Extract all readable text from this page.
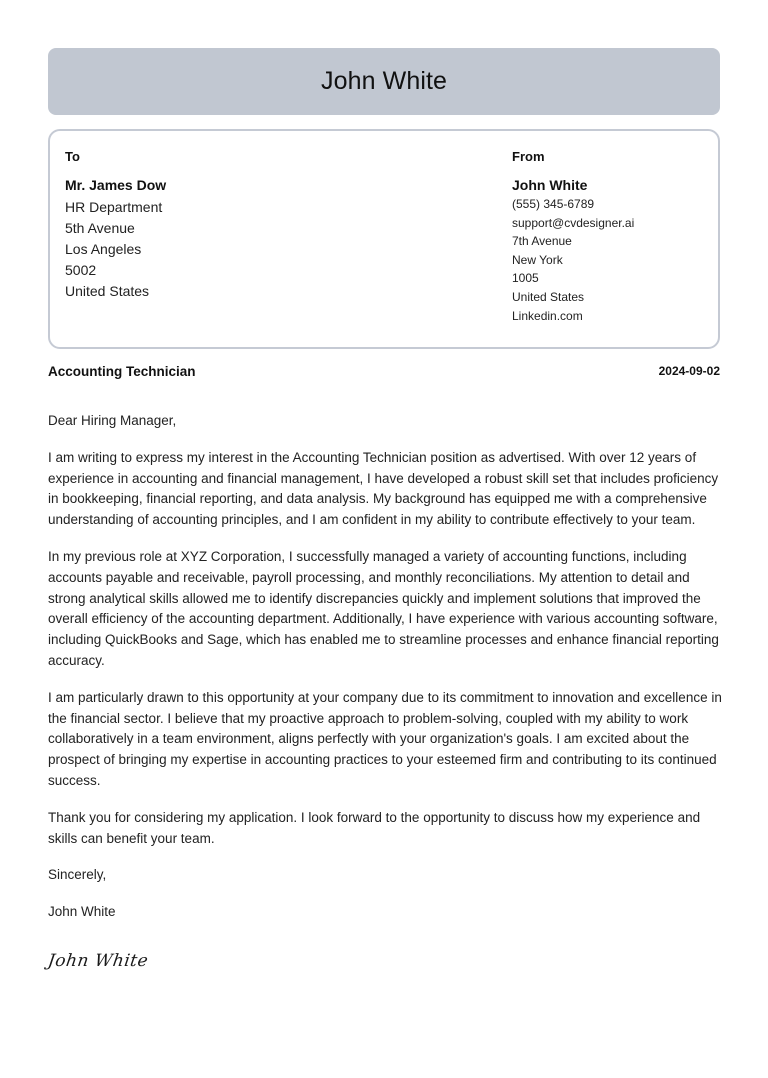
John White
To
Mr. James Dow
HR Department
5th Avenue
Los Angeles
5002
United States
From
John White
(555) 345-6789
support@cvdesigner.ai
7th Avenue
New York
1005
United States
Linkedin.com
Accounting Technician	2024-09-02

Dear Hiring Manager,

I am writing to express my interest in the Accounting Technician position as advertised. With over 12 years of experience in accounting and financial management, I have developed a robust skill set that includes proficiency in bookkeeping, financial reporting, and data analysis. My background has equipped me with a comprehensive understanding of accounting principles, and I am confident in my ability to contribute effectively to your team.

In my previous role at XYZ Corporation, I successfully managed a variety of accounting functions, including accounts payable and receivable, payroll processing, and monthly reconciliations. My attention to detail and strong analytical skills allowed me to identify discrepancies quickly and implement solutions that improved the overall efficiency of the accounting department. Additionally, I have experience with various accounting software, including QuickBooks and Sage, which has enabled me to streamline processes and enhance financial reporting accuracy.

I am particularly drawn to this opportunity at your company due to its commitment to innovation and excellence in the financial sector. I believe that my proactive approach to problem-solving, coupled with my ability to work collaboratively in a team environment, aligns perfectly with your organization's goals. I am excited about the prospect of bringing my expertise in accounting practices to your esteemed firm and contributing to its continued success.

Thank you for considering my application. I look forward to the opportunity to discuss how my experience and skills can benefit your team.

Sincerely,

John White

John White
